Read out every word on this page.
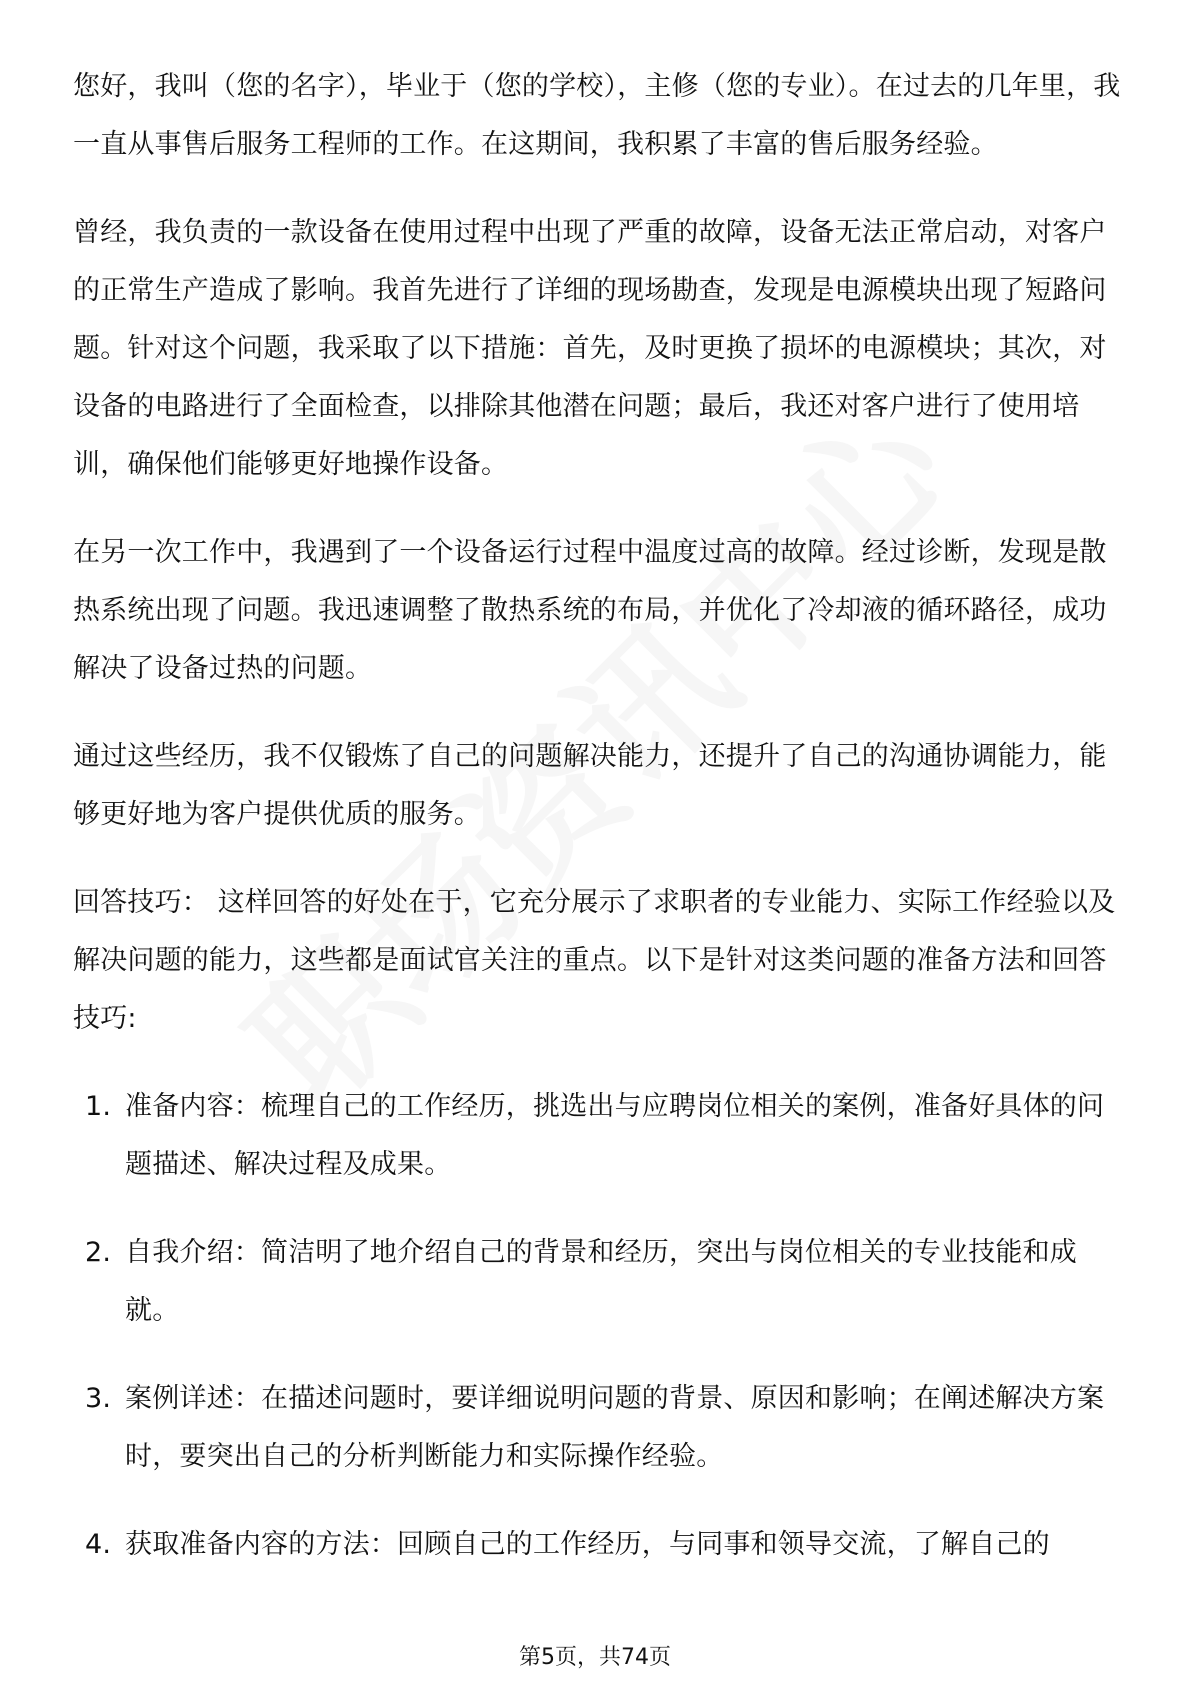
您好，我叫（您的名字），毕业于（您的学校），主修（您的专业）。在过去的几年里，我一直从事售后服务工程师的工作。在这期间，我积累了丰富的售后服务经验。

曾经，我负责的一款设备在使用过程中出现了严重的故障，设备无法正常启动，对客户的正常生产造成了影响。我首先进行了详细的现场勘查，发现是电源模块出现了短路问题。针对这个问题，我采取了以下措施：首先，及时更换了损坏的电源模块；其次，对设备的电路进行了全面检查，以排除其他潜在问题；最后，我还对客户进行了使用培训，确保他们能够更好地操作设备。

在另一次工作中，我遇到了一个设备运行过程中温度过高的故障。经过诊断，发现是散热系统出现了问题。我迅速调整了散热系统的布局，并优化了冷却液的循环路径，成功解决了设备过热的问题。

通过这些经历，我不仅锻炼了自己的问题解决能力，还提升了自己的沟通协调能力，能够更好地为客户提供优质的服务。

回答技巧： 这样回答的好处在于，它充分展示了求职者的专业能力、实际工作经验以及解决问题的能力，这些都是面试官关注的重点。以下是针对这类问题的准备方法和回答技巧:

1. 准备内容：梳理自己的工作经历，挑选出与应聘岗位相关的案例，准备好具体的问题描述、解决过程及成果。
2. 自我介绍：简洁明了地介绍自己的背景和经历，突出与岗位相关的专业技能和成就。
3. 案例详述：在描述问题时，要详细说明问题的背景、原因和影响；在阐述解决方案时，要突出自己的分析判断能力和实际操作经验。
4. 获取准备内容的方法：回顾自己的工作经历，与同事和领导交流，了解自己的
第5页，共74页
